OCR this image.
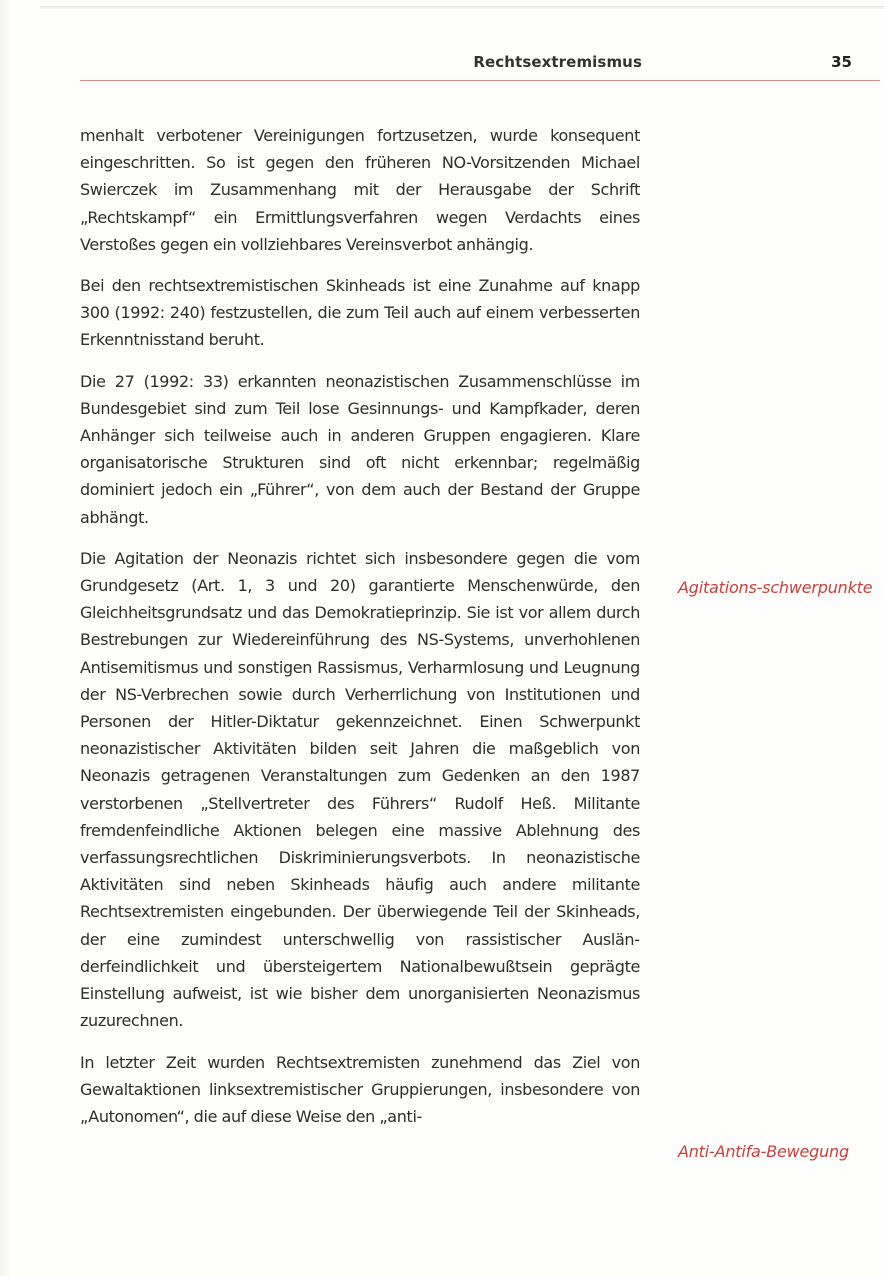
Rechtsextremismus	35

menhalt verbotener Vereinigungen fortzusetzen, wurde konsequent eingeschritten. So ist gegen den früheren NO-Vorsitzenden Michael Swierczek im Zusammenhang mit der Herausgabe der Schrift „Rechtskampf“ ein Ermittlungsverfahren wegen Verdachts eines Verstoßes gegen ein vollziehbares Vereinsverbot anhängig.

Bei den rechtsextremistischen Skinheads ist eine Zunahme auf knapp 300 (1992: 240) festzustellen, die zum Teil auch auf einem verbesserten Erkenntnisstand beruht.

Die 27 (1992: 33) erkannten neonazistischen Zusammenschlüsse im Bundesgebiet sind zum Teil lose Gesinnungs- und Kampfkader, deren Anhänger sich teilweise auch in anderen Gruppen engagieren. Klare organisatorische Strukturen sind oft nicht erkennbar; regelmäßig dominiert jedoch ein „Führer“, von dem auch der Bestand der Gruppe abhängt.

Die Agitation der Neonazis richtet sich insbesondere gegen die vom Grundgesetz (Art. 1, 3 und 20) garantierte Menschenwürde, den Gleichheitsgrundsatz und das Demokratieprinzip. Sie ist vor allem durch Bestrebungen zur Wiedereinführung des NS-Systems, unverhohlenen Antisemitismus und sonstigen Rassismus, Verharmlosung und Leugnung der NS-Verbrechen sowie durch Verherrlichung von Institutionen und Personen der Hitler-Diktatur gekennzeichnet. Einen Schwerpunkt neonazistischer Aktivitäten bilden seit Jahren die maßgeblich von Neonazis getragenen Veranstaltungen zum Gedenken an den 1987 verstorbenen „Stellvertreter des Führers“ Rudolf Heß. Militante fremdenfeindliche Aktionen belegen eine massive Ablehnung des verfassungsrechtlichen Diskriminierungsverbots. In neonazistische Aktivitäten sind neben Skinheads häufig auch andere militante Rechtsextremisten eingebunden. Der überwiegende Teil der Skinheads, der eine zumindest unterschwellig von rassistischer Ausländerfeindlichkeit und übersteigertem Nationalbewußtsein geprägte Einstellung aufweist, ist wie bisher dem unorganisierten Neonazismus zuzurechnen.

In letzter Zeit wurden Rechtsextremisten zunehmend das Ziel von Gewaltaktionen linksextremistischer Gruppierungen, insbesondere von „Autonomen“, die auf diese Weise den „anti-

Agitations-schwerpunkte
Anti-Antifa-Bewegung
